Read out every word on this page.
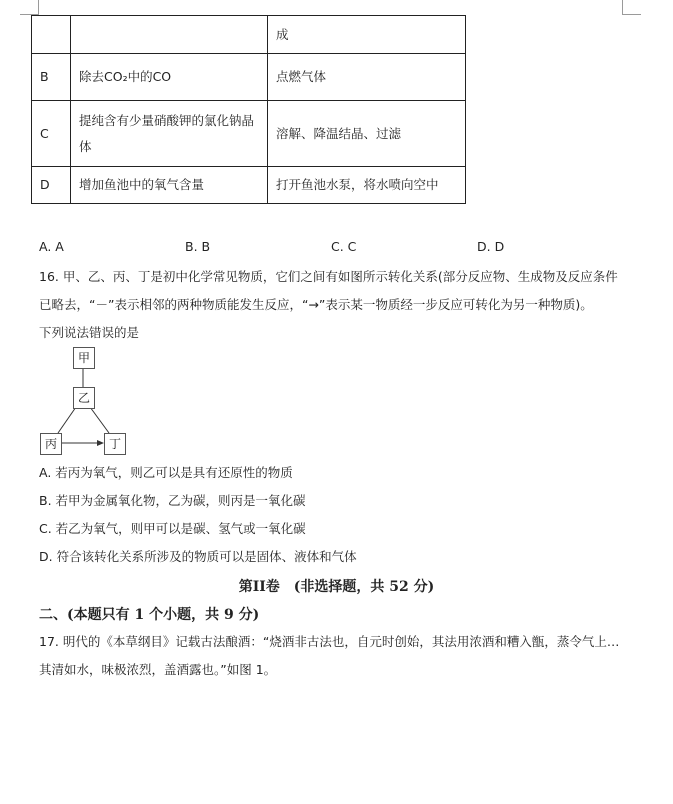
		成
B	除去CO₂中的CO	点燃气体
C	提纯含有少量硝酸钾的氯化钠晶
体	溶解、降温结晶、过滤
D	增加鱼池中的氧气含量	打开鱼池水泵，将水喷向空中
A. A	B. B	C. C	D. D
16. 甲、乙、丙、丁是初中化学常见物质，它们之间有如图所示转化关系(部分反应物、生成物及反应条件
已略去，“－”表示相邻的两种物质能发生反应，“→”表示某一物质经一步反应可转化为另一种物质)。
下列说法错误的是
甲
乙
丙	丁
A. 若丙为氧气，则乙可以是具有还原性的物质
B. 若甲为金属氧化物，乙为碳，则丙是一氧化碳
C. 若乙为氧气，则甲可以是碳、氢气或一氧化碳
D. 符合该转化关系所涉及的物质可以是固体、液体和气体
第II卷　(非选择题，共 52 分)
二、(本题只有 1 个小题，共 9 分)
17. 明代的《本草纲目》记载古法酿酒：“烧酒非古法也，自元时创始，其法用浓酒和糟入甑，蒸令气上…
其清如水，味极浓烈，盖酒露也。”如图 1。
